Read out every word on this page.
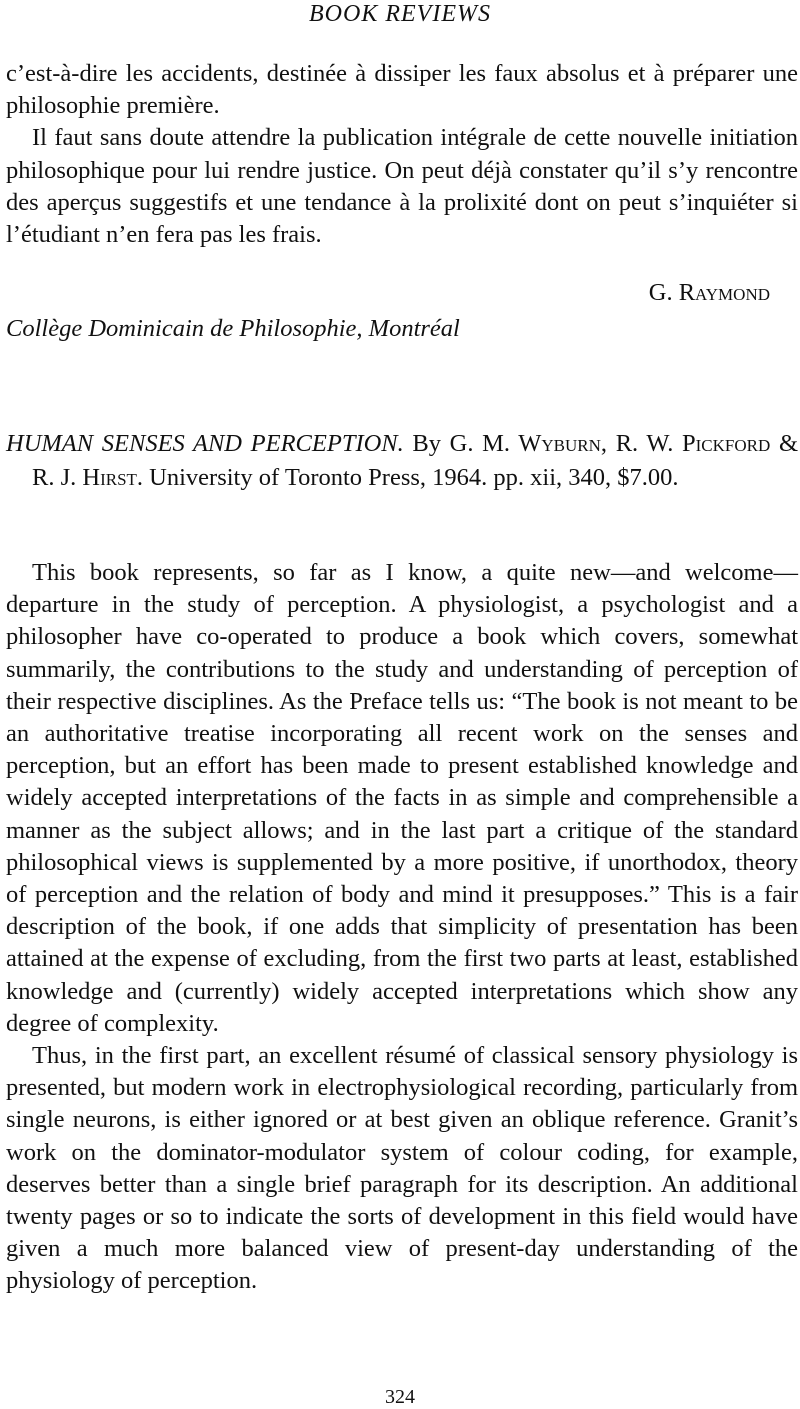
BOOK REVIEWS

c’est-à-dire les accidents, destinée à dissiper les faux absolus et à préparer une philosophie première.

Il faut sans doute attendre la publication intégrale de cette nouvelle initiation philosophique pour lui rendre justice. On peut déjà constater qu’il s’y rencontre des aperçus suggestifs et une tendance à la prolixité dont on peut s’inquiéter si l’étudiant n’en fera pas les frais.

G. Raymond
Collège Dominicain de Philosophie, Montréal

HUMAN SENSES AND PERCEPTION. By G. M. Wyburn, R. W. Pickford & R. J. Hirst. University of Toronto Press, 1964. pp. xii, 340, $7.00.

This book represents, so far as I know, a quite new—and welcome—departure in the study of perception. A physiologist, a psychologist and a philosopher have co-operated to produce a book which covers, somewhat summarily, the contributions to the study and understanding of perception of their respective disciplines. As the Preface tells us: “The book is not meant to be an authoritative treatise incorporating all recent work on the senses and perception, but an effort has been made to present established knowledge and widely accepted interpretations of the facts in as simple and comprehensible a manner as the subject allows; and in the last part a critique of the standard philosophical views is supplemented by a more positive, if unorthodox, theory of perception and the relation of body and mind it presupposes.” This is a fair description of the book, if one adds that simplicity of presentation has been attained at the expense of excluding, from the first two parts at least, established knowledge and (currently) widely accepted interpretations which show any degree of complexity.

Thus, in the first part, an excellent résumé of classical sensory physiology is presented, but modern work in electrophysiological recording, particularly from single neurons, is either ignored or at best given an oblique reference. Granit’s work on the dominator-modulator system of colour coding, for example, deserves better than a single brief paragraph for its description. An additional twenty pages or so to indicate the sorts of development in this field would have given a much more balanced view of present-day understanding of the physiology of perception.

324
